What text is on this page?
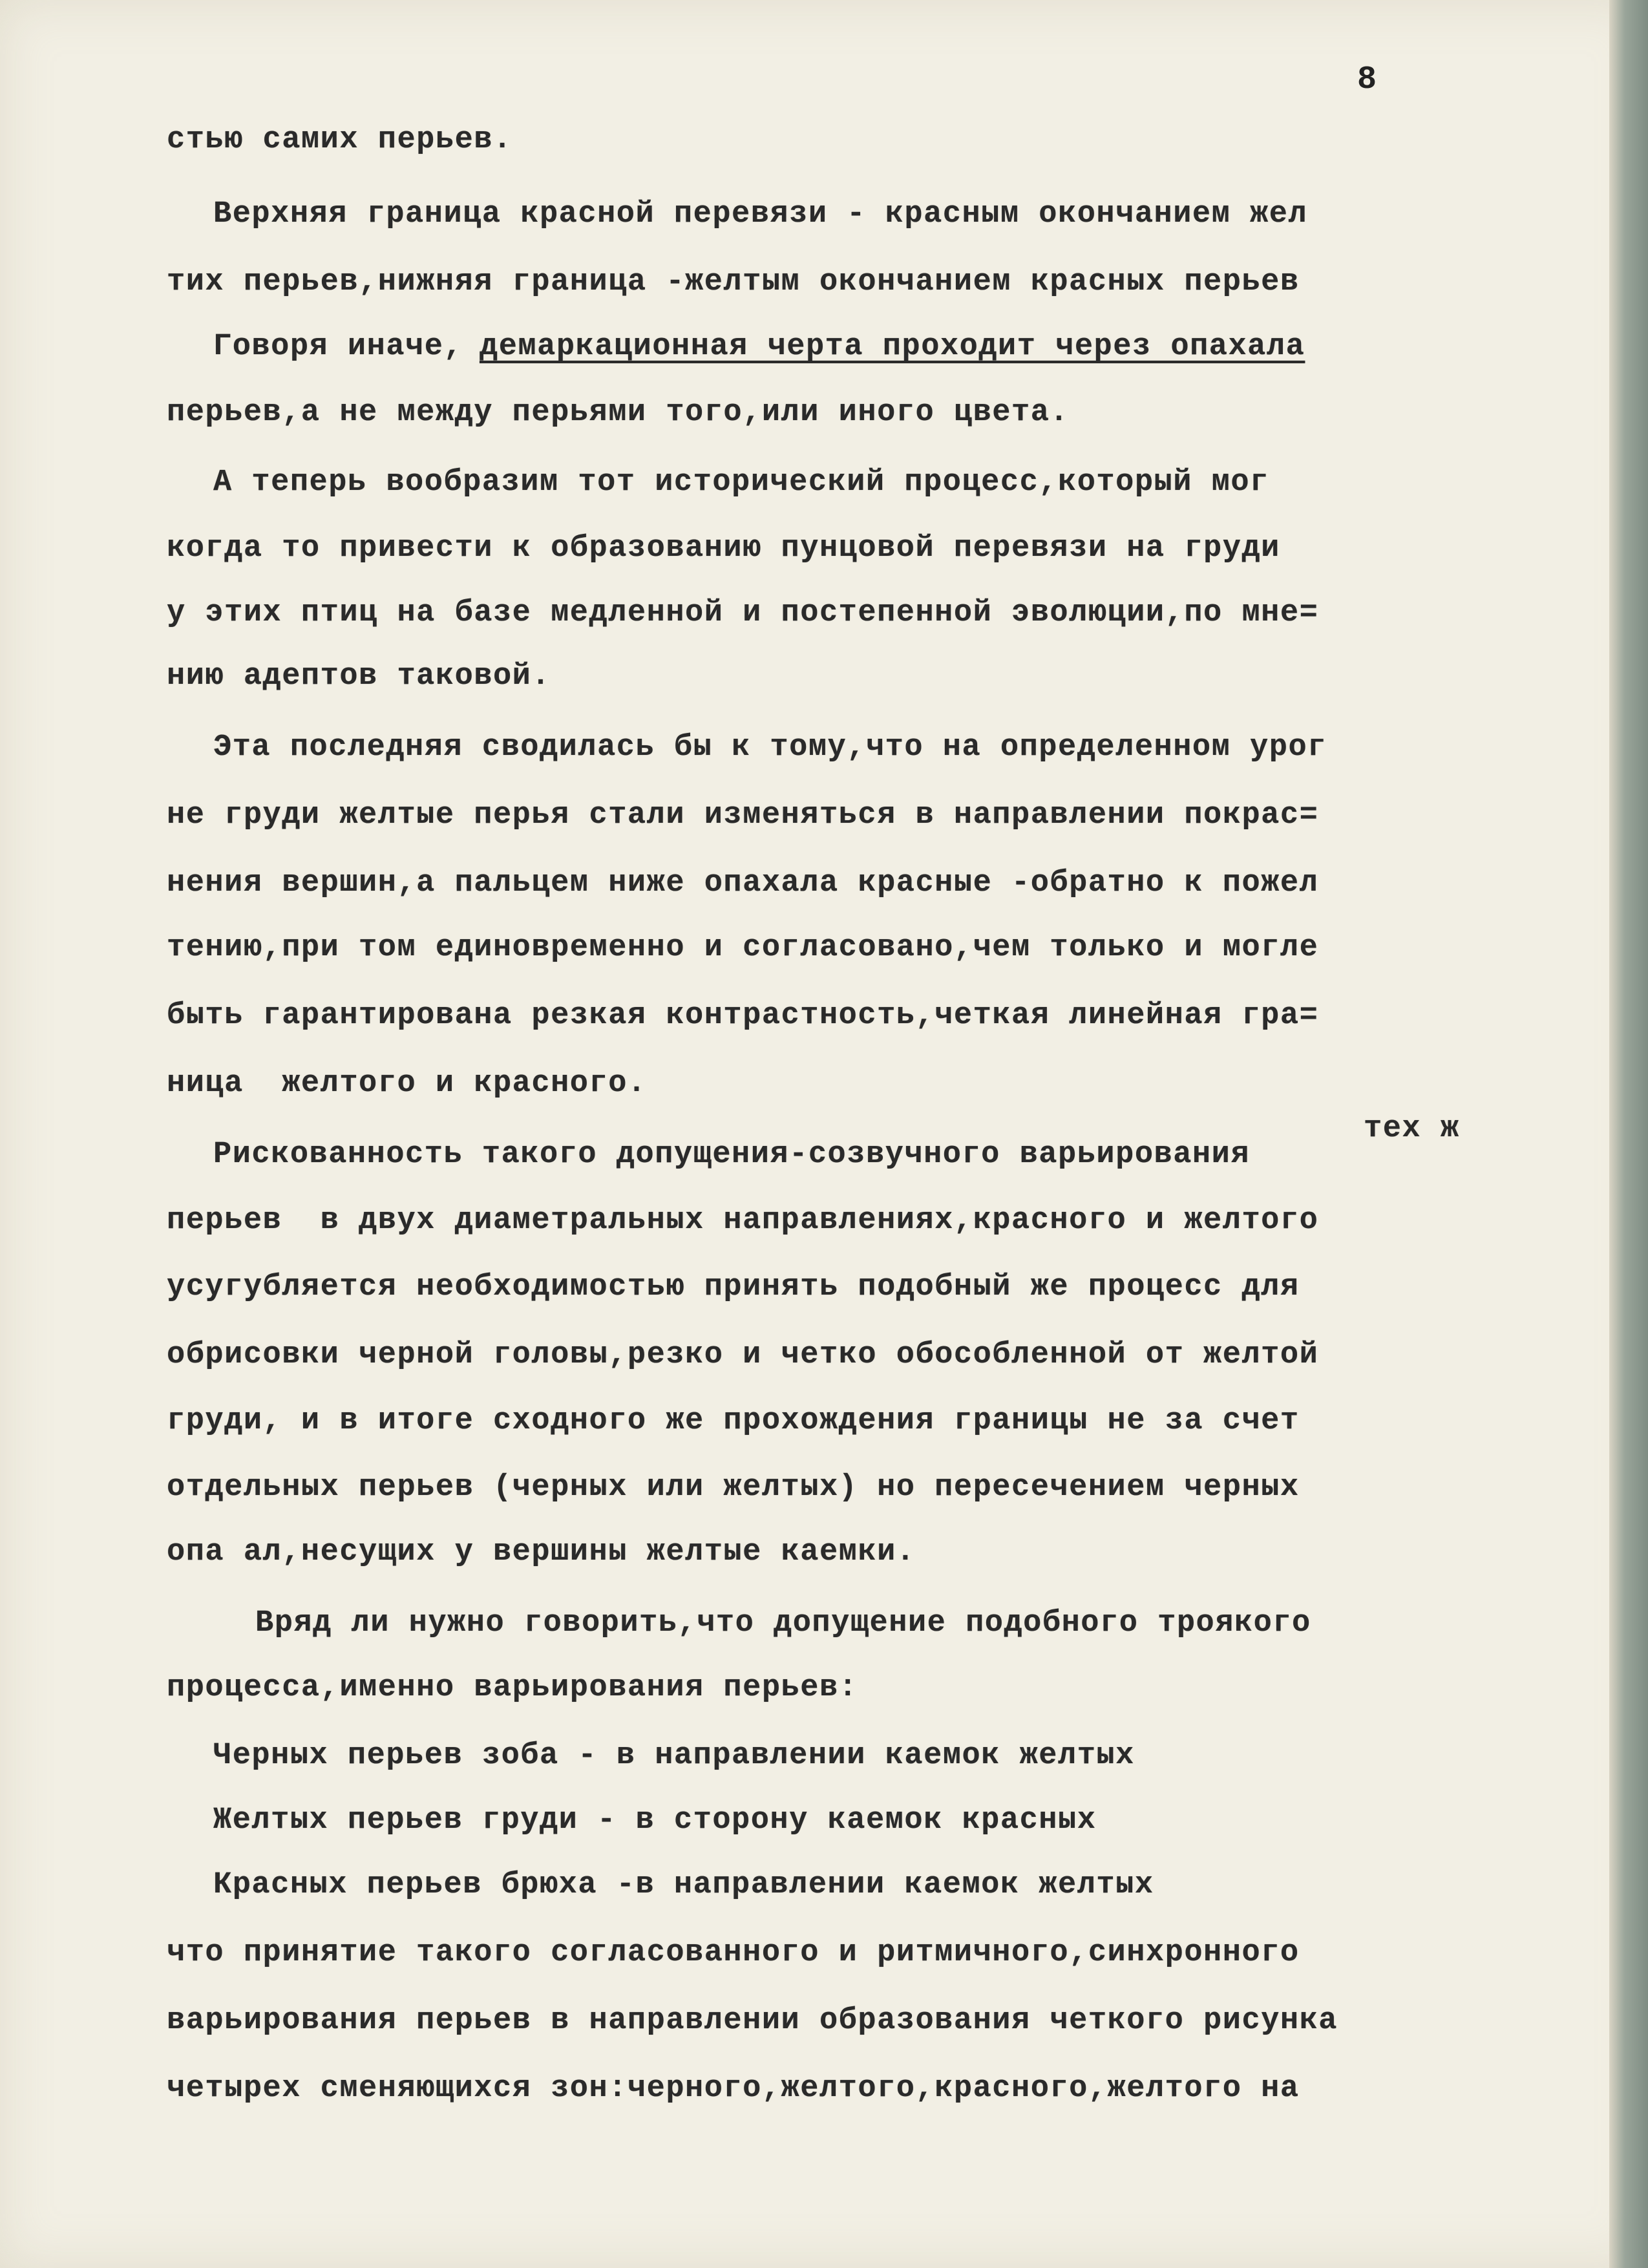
8
стью самих перьев.
Верхняя граница красной перевязи - красным окончанием жел
тих перьев,нижняя граница -желтым окончанием красных перьев
Говоря иначе, демаркационная черта проходит через опахала
перьев,а не между перьями того,или иного цвета.
А теперь вообразим тот исторический процесс,который мог
когда то привести к образованию пунцовой перевязи на груди
у этих птиц на базе медленной и постепенной эволюции,по мне=
нию адептов таковой.
Эта последняя сводилась бы к тому,что на определенном урог
не груди желтые перья стали изменяться в направлении покрас=
нения вершин,а пальцем ниже опахала красные -обратно к пожел
тению,при том единовременно и согласовано,чем только и могле
быть гарантирована резкая контрастность,четкая линейная гра=
ница  желтого и красного.
тех ж
Рискованность такого допущения-созвучного варьирования
перьев  в двух диаметральных направлениях,красного и желтого
усугубляется необходимостью принять подобный же процесс для
обрисовки черной головы,резко и четко обособленной от желтой
груди, и в итоге сходного же прохождения границы не за счет
отдельных перьев (черных или желтых) но пересечением черных
опа ал,несущих у вершины желтые каемки.
Вряд ли нужно говорить,что допущение подобного троякого
процесса,именно варьирования перьев:
Черных перьев зоба - в направлении каемок желтых
Желтых перьев груди - в сторону каемок красных
Красных перьев брюха -в направлении каемок желтых
что принятие такого согласованного и ритмичного,синхронного
варьирования перьев в направлении образования четкого рисунка
четырех сменяющихся зон:черного,желтого,красного,желтого на
